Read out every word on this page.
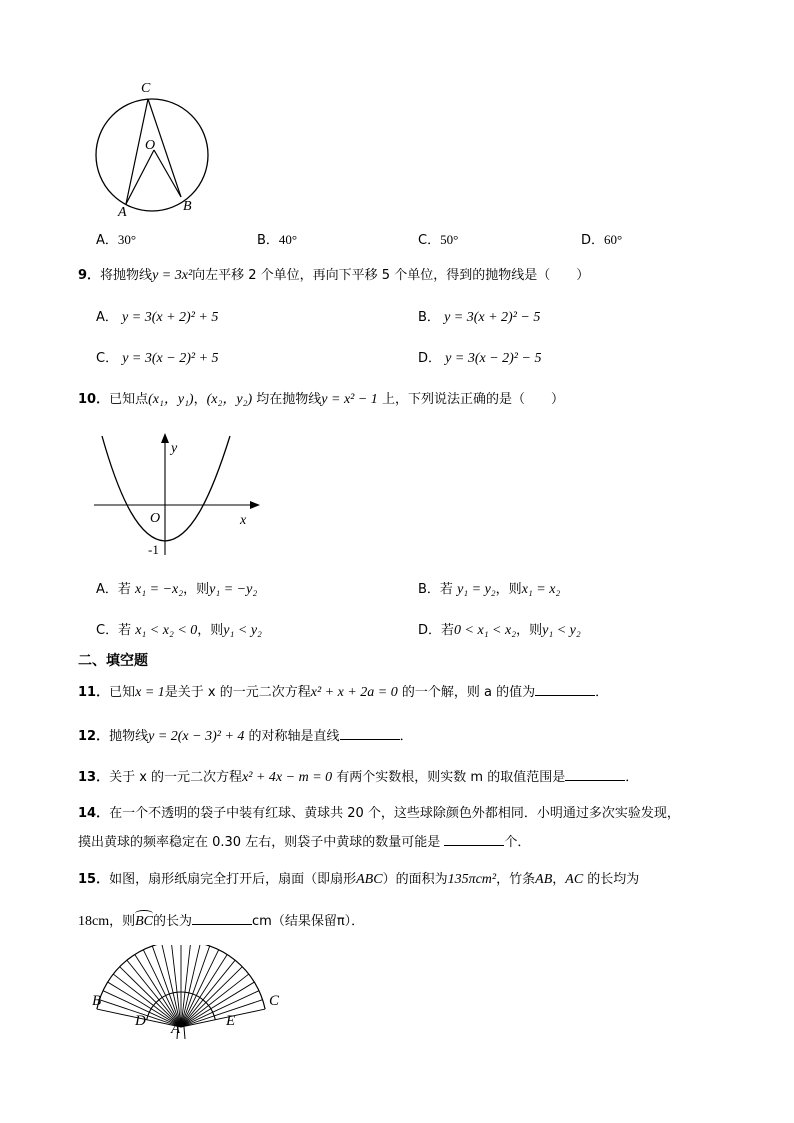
C
O
A	B
A．30°	B．40°	C．50°	D．60°
9．将抛物线y = 3x²向左平移 2 个单位，再向下平移 5 个单位，得到的抛物线是（　　）
A． y = 3(x + 2)² + 5	B． y = 3(x + 2)² − 5
C． y = 3(x − 2)² + 5	D． y = 3(x − 2)² − 5
10．已知点(x₁，y₁)，(x₂，y₂) 均在抛物线y = x² − 1 上，下列说法正确的是（　　）
y
O	x
-1
A．若 x₁ = −x₂，则y₁ = −y₂	B．若 y₁ = y₂，则x₁ = x₂
C．若 x₁ < x₂ < 0，则y₁ < y₂	D．若0 < x₁ < x₂，则y₁ < y₂
二、填空题
11．已知x = 1是关于 x 的一元二次方程x² + x + 2a = 0 的一个解，则 a 的值为	．
12．抛物线y = 2(x − 3)² + 4 的对称轴是直线	．
13．关于 x 的一元二次方程x² + 4x − m = 0 有两个实数根，则实数 m 的取值范围是	．
14．在一个不透明的袋子中装有红球、黄球共 20 个，这些球除颜色外都相同．小明通过多次实验发现，
摸出黄球的频率稳定在 0.30 左右，则袋子中黄球的数量可能是	个．
15．如图，扇形纸扇完全打开后，扇面（即扇形ABC）的面积为135πcm²，竹条AB，AC 的长均为
18cm，则
BC的长为	cm（结果保留π）．
B	C
D A	E
